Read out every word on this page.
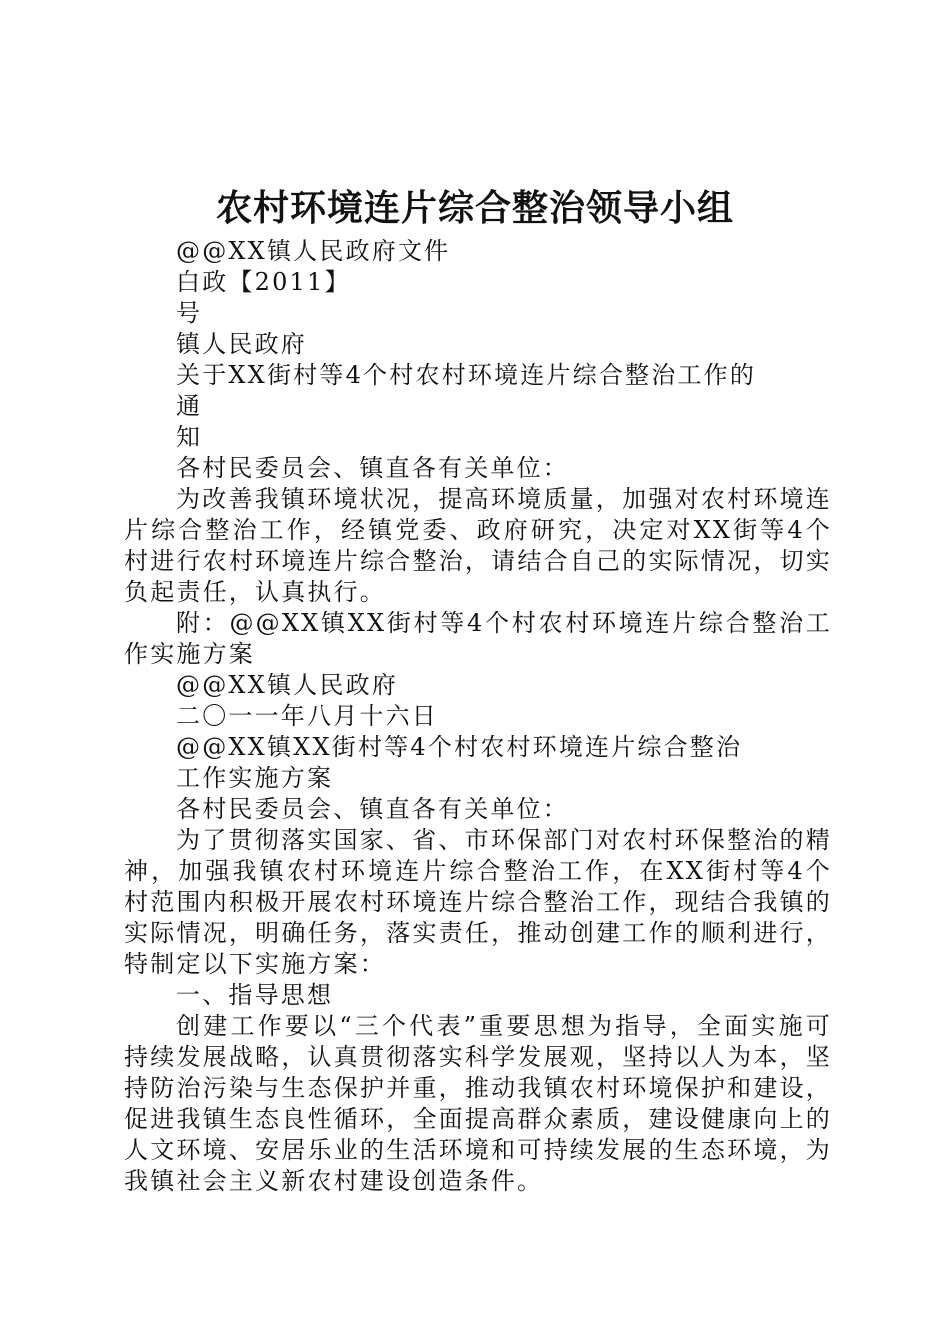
农村环境连片综合整治领导小组

@@XX镇人民政府文件

白政【2011】

号

镇人民政府

关于XX街村等4个村农村环境连片综合整治工作的

通

知

各村民委员会、镇直各有关单位：

为改善我镇环境状况，提高环境质量，加强对农村环境连片综合整治工作，经镇党委、政府研究，决定对XX街等4个村进行农村环境连片综合整治，请结合自己的实际情况，切实负起责任，认真执行。

附：@@XX镇XX街村等4个村农村环境连片综合整治工作实施方案

@@XX镇人民政府

二〇一一年八月十六日

@@XX镇XX街村等4个村农村环境连片综合整治

工作实施方案

各村民委员会、镇直各有关单位：

为了贯彻落实国家、省、市环保部门对农村环保整治的精神，加强我镇农村环境连片综合整治工作，在XX街村等4个村范围内积极开展农村环境连片综合整治工作，现结合我镇的实际情况，明确任务，落实责任，推动创建工作的顺利进行，特制定以下实施方案：

一、指导思想

创建工作要以“三个代表”重要思想为指导，全面实施可持续发展战略，认真贯彻落实科学发展观，坚持以人为本，坚持防治污染与生态保护并重，推动我镇农村环境保护和建设，促进我镇生态良性循环，全面提高群众素质，建设健康向上的人文环境、安居乐业的生活环境和可持续发展的生态环境，为我镇社会主义新农村建设创造条件。
